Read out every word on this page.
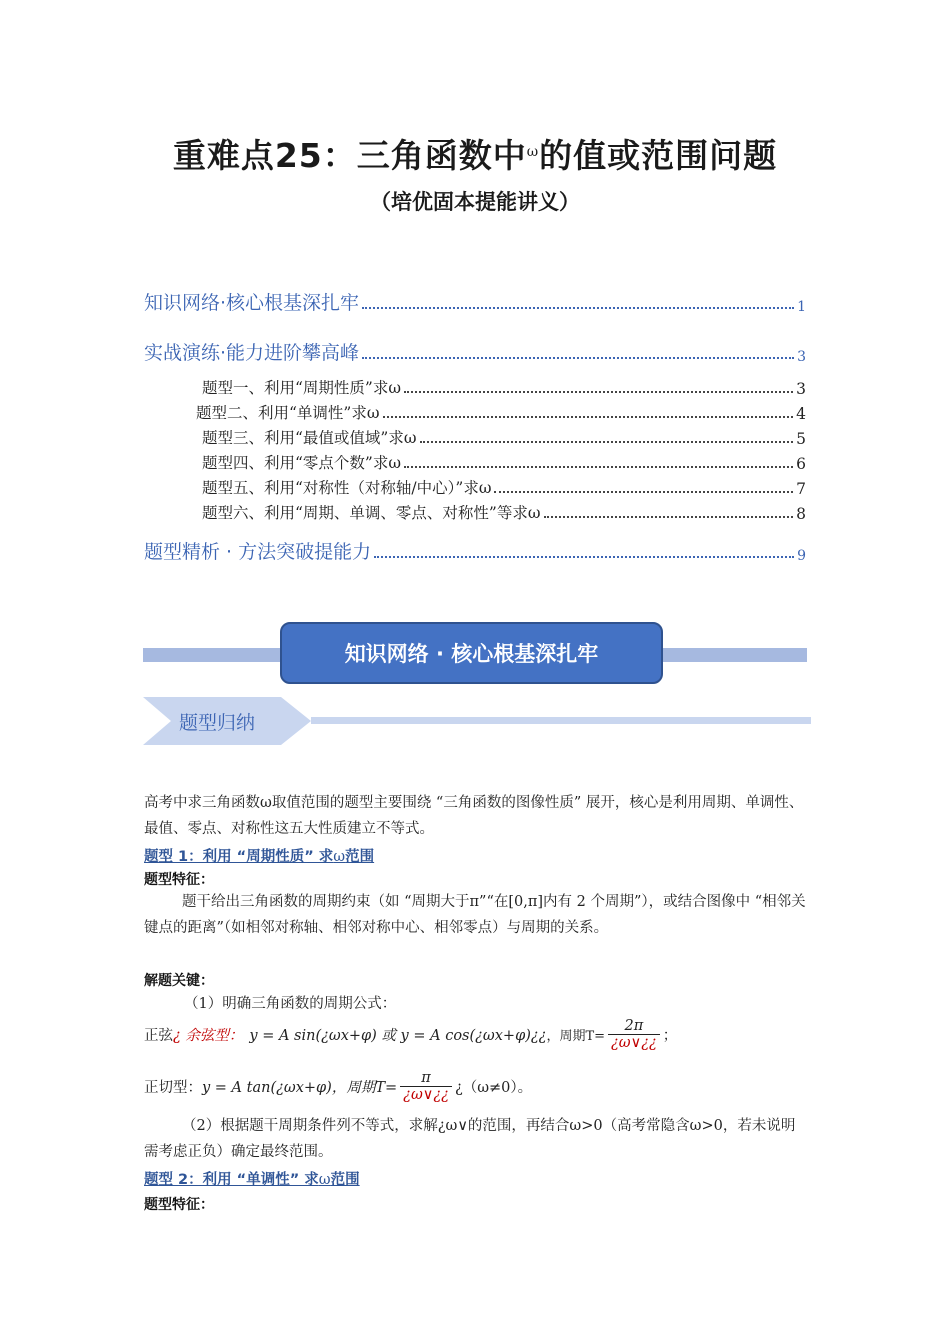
重难点25：三角函数中$^\omega$的值或范围问题
（培优固本提能讲义）
知识网络·核心根基深扎牢	1
实战演练·能力进阶攀高峰	3
题型一、利用“周期性质”求ω	3
题型二、利用“单调性”求ω	4
题型三、利用“最值或值域”求ω	5
题型四、利用“零点个数”求ω	6
题型五、利用“对称性（对称轴/中心）”求ω	7
题型六、利用“周期、单调、零点、对称性”等求ω	8
题型精析 · 方法突破提能力	9
知识网络 · 核心根基深扎牢
题型归纳
高考中求三角函数ω取值范围的题型主要围绕 “三角函数的图像性质” 展开，核心是利用周期、单调性、最值、零点、对称性这五大性质建立不等式。
题型 1：利用 “周期性质” 求ω范围
题型特征：
题干给出三角函数的周期约束（如 “周期大于π”“在[0,π]内有 2 个周期”），或结合图像中 “相邻关键点的距离”（如相邻对称轴、相邻对称中心、相邻零点）与周期的关系。
解题关键：
（1）明确三角函数的周期公式：
正弦 ¿ 余弦型： y = A sin(¿ωx+φ) 或 y = A cos(¿ωx+φ)¿¿ ，周期$T= \frac{2\pi}{¿\omega\vee¿¿}$ ；
正切型： y = A tan(¿ωx+φ)，周期$T= \frac{\pi}{¿\omega\vee¿¿}$ ¿（ω≠0）。
（2）根据题干周期条件列不等式，求解¿ω∨的范围，再结合ω>0（高考常隐含ω>0，若未说明需考虑正负）确定最终范围。
题型 2：利用 “单调性” 求ω范围
题型特征：
